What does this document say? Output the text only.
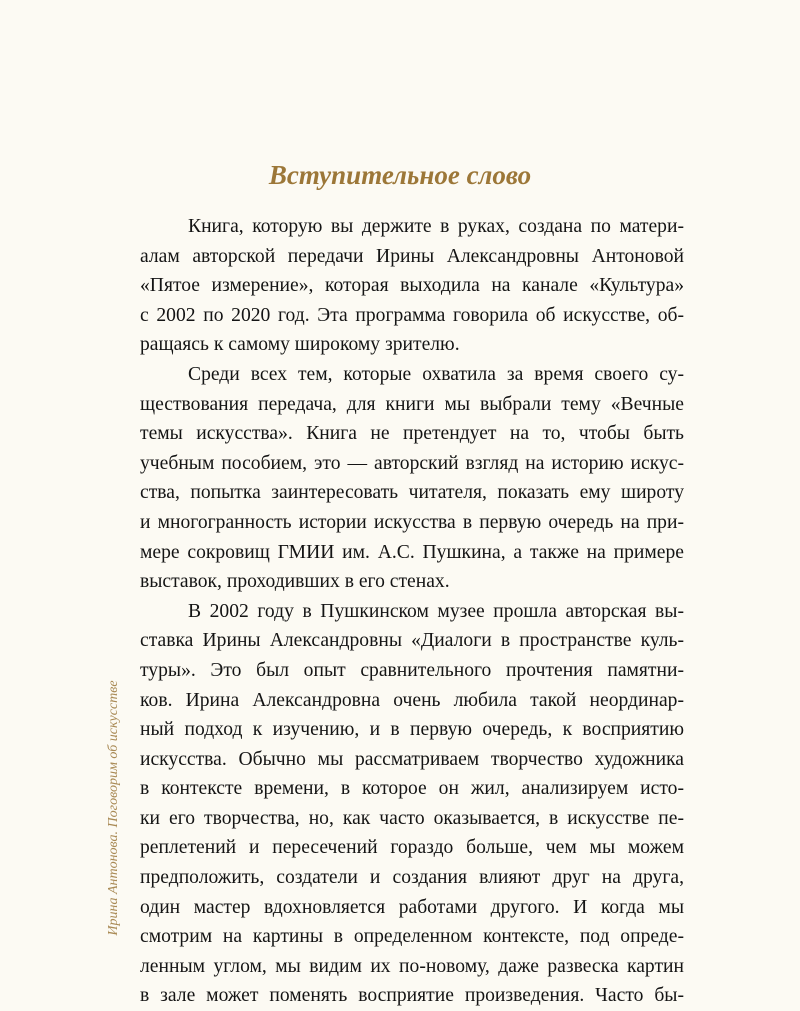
Вступительное слово
Ирина Антонова. Поговорим об искусстве
Книга, которую вы держите в руках, создана по матери-
алам авторской передачи Ирины Александровны Антоновой
«Пятое измерение», которая выходила на канале «Культура»
с 2002 по 2020 год. Эта программа говорила об искусстве, об-
ращаясь к самому широкому зрителю.
Среди всех тем, которые охватила за время своего су-
ществования передача, для книги мы выбрали тему «Вечные
темы искусства». Книга не претендует на то, чтобы быть
учебным пособием, это — авторский взгляд на историю искус-
ства, попытка заинтересовать читателя, показать ему широту
и многогранность истории искусства в первую очередь на при-
мере сокровищ ГМИИ им. А.С. Пушкина, а также на примере
выставок, проходивших в его стенах.
В 2002 году в Пушкинском музее прошла авторская вы-
ставка Ирины Александровны «Диалоги в пространстве куль-
туры». Это был опыт сравнительного прочтения памятни-
ков. Ирина Александровна очень любила такой неординар-
ный подход к изучению, и в первую очередь, к восприятию
искусства. Обычно мы рассматриваем творчество художника
в контексте времени, в которое он жил, анализируем исто-
ки его творчества, но, как часто оказывается, в искусстве пе-
реплетений и пересечений гораздо больше, чем мы можем
предположить, создатели и создания влияют друг на друга,
один мастер вдохновляется работами другого. И когда мы
смотрим на картины в определенном контексте, под опреде-
ленным углом, мы видим их по-новому, даже развеска картин
в зале может поменять восприятие произведения. Часто бы-
